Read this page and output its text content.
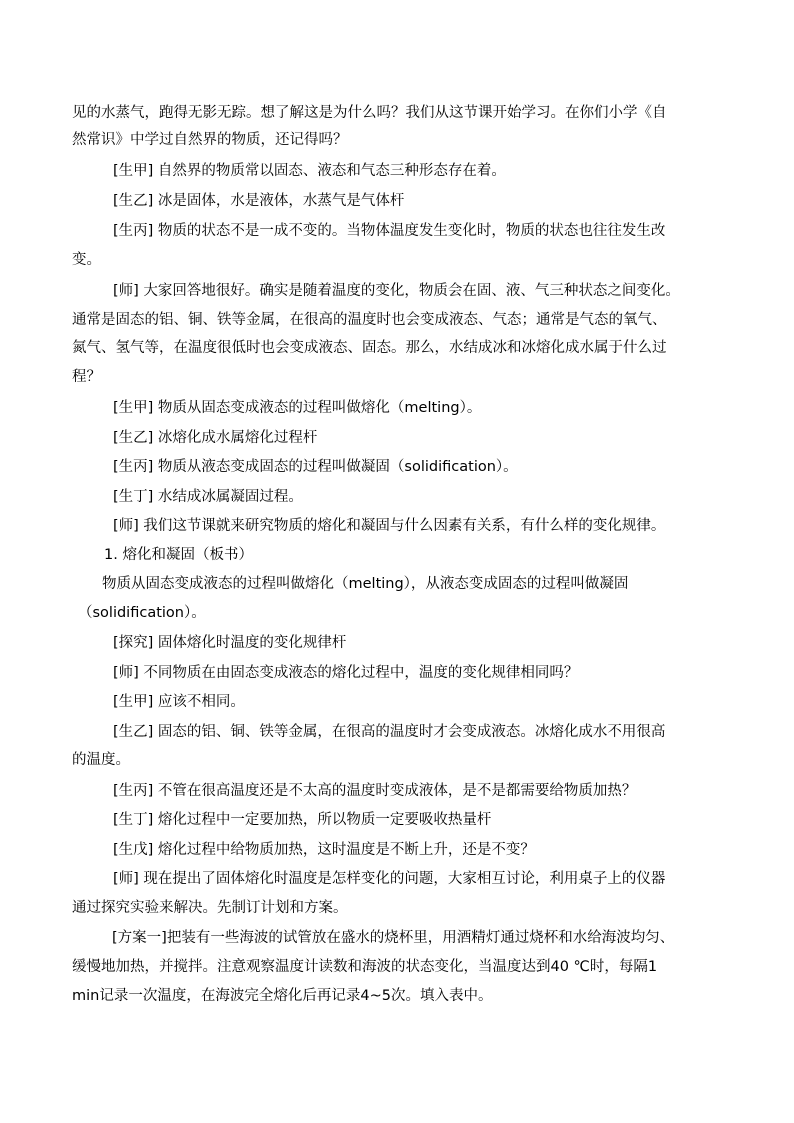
见的水蒸气，跑得无影无踪。想了解这是为什么吗？我们从这节课开始学习。在你们小学《自
然常识》中学过自然界的物质，还记得吗？
[生甲] 自然界的物质常以固态、液态和气态三种形态存在着。
[生乙] 冰是固体，水是液体，水蒸气是气体杆
[生丙] 物质的状态不是一成不变的。当物体温度发生变化时，物质的状态也往往发生改
变。
[师] 大家回答地很好。确实是随着温度的变化，物质会在固、液、气三种状态之间变化。
通常是固态的铝、铜、铁等金属，在很高的温度时也会变成液态、气态；通常是气态的氧气、
氮气、氢气等，在温度很低时也会变成液态、固态。那么，水结成冰和冰熔化成水属于什么过
程？
[生甲] 物质从固态变成液态的过程叫做熔化（melting）。
[生乙] 冰熔化成水属熔化过程杆
[生丙] 物质从液态变成固态的过程叫做凝固（solidification）。
[生丁] 水结成冰属凝固过程。
[师] 我们这节课就来研究物质的熔化和凝固与什么因素有关系，有什么样的变化规律。
1. 熔化和凝固（板书）
物质从固态变成液态的过程叫做熔化（melting），从液态变成固态的过程叫做凝固
（solidification）。
[探究] 固体熔化时温度的变化规律杆
[师] 不同物质在由固态变成液态的熔化过程中，温度的变化规律相同吗？
[生甲] 应该不相同。
[生乙] 固态的铝、铜、铁等金属，在很高的温度时才会变成液态。冰熔化成水不用很高
的温度。
[生丙] 不管在很高温度还是不太高的温度时变成液体，是不是都需要给物质加热？
[生丁] 熔化过程中一定要加热，所以物质一定要吸收热量杆
[生戊] 熔化过程中给物质加热，这时温度是不断上升，还是不变？
[师] 现在提出了固体熔化时温度是怎样变化的问题，大家相互讨论，利用桌子上的仪器
通过探究实验来解决。先制订计划和方案。
[方案一]把装有一些海波的试管放在盛水的烧杯里，用酒精灯通过烧杯和水给海波均匀、
缓慢地加热，并搅拌。注意观察温度计读数和海波的状态变化，当温度达到40 ℃时，每隔1
min记录一次温度，在海波完全熔化后再记录4~5次。填入表中。
